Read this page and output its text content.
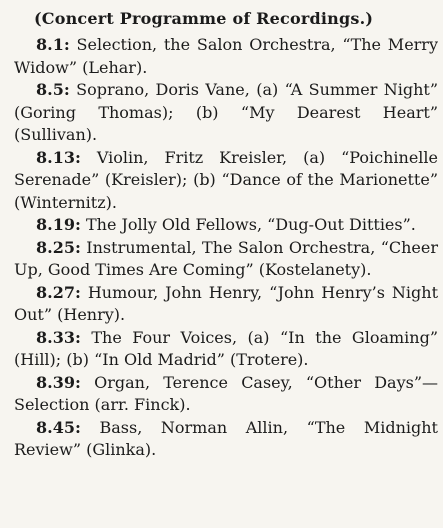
(Concert Programme of Recordings.)

8.1: Selection, the Salon Orchestra, “The Merry Widow” (Lehar).

8.5: Soprano, Doris Vane, (a) “A Summer Night” (Goring Thomas); (b) “My Dearest Heart” (Sullivan).

8.13: Violin, Fritz Kreisler, (a) “Poichinelle Serenade” (Kreisler); (b) “Dance of the Marionette” (Winternitz).

8.19: The Jolly Old Fellows, “Dug-Out Ditties”.

8.25: Instrumental, The Salon Orchestra, “Cheer Up, Good Times Are Coming” (Kostelanety).

8.27: Humour, John Henry, “John Henry’s Night Out” (Henry).

8.33: The Four Voices, (a) “In the Gloaming” (Hill); (b) “In Old Madrid” (Trotere).

8.39: Organ, Terence Casey, “Other Days”—Selection (arr. Finck).

8.45: Bass, Norman Allin, “The Midnight Review” (Glinka).
